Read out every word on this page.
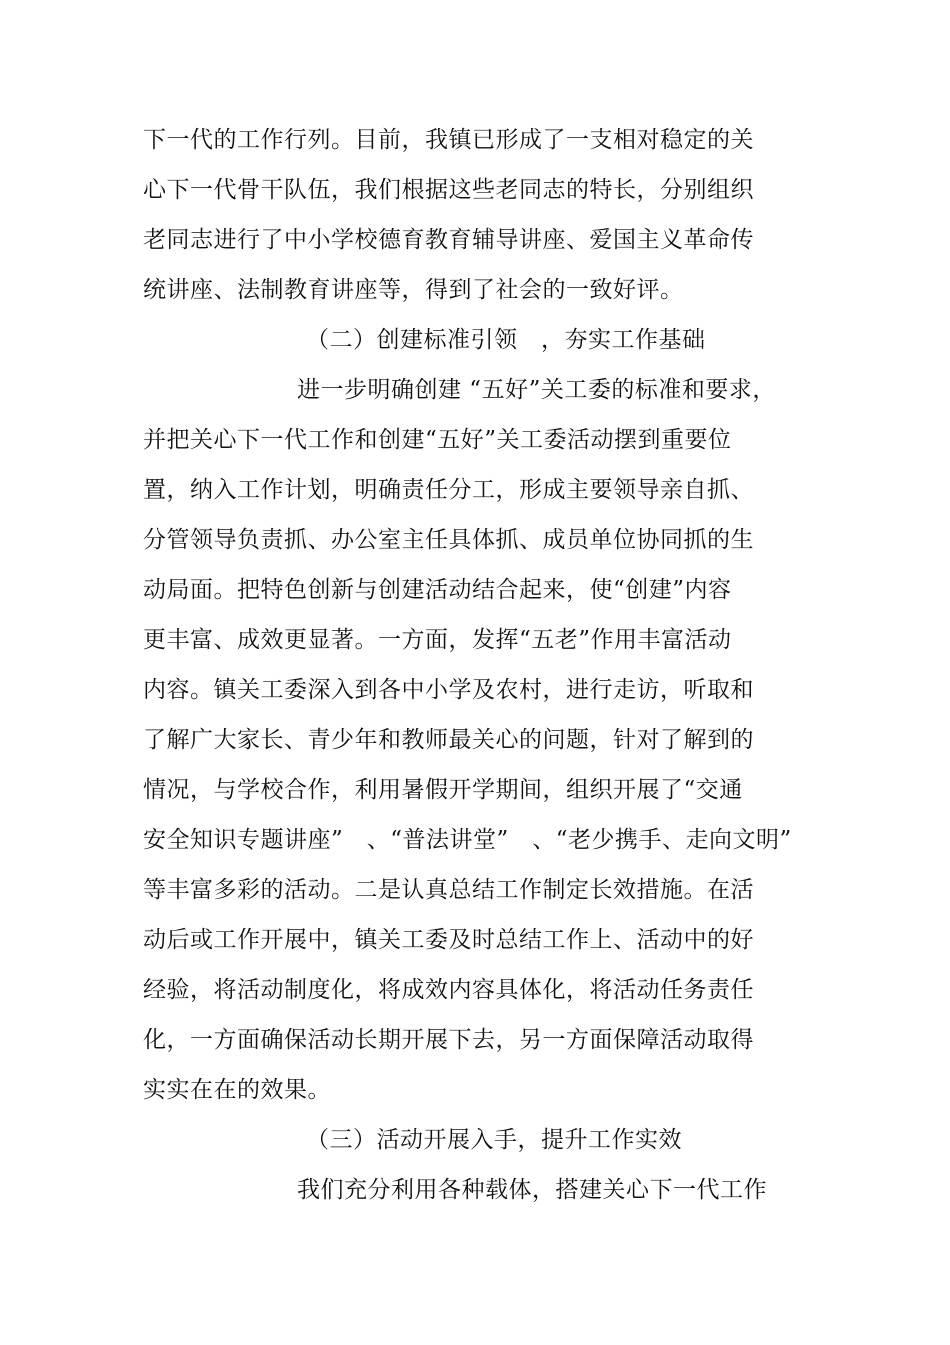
下一代的工作行列。目前，我镇已形成了一支相对稳定的关
心下一代骨干队伍，我们根据这些老同志的特长，分别组织
老同志进行了中小学校德育教育辅导讲座、爱国主义革命传
统讲座、法制教育讲座等，得到了社会的一致好评。
（二）创建标准引领　，夯实工作基础
进一步明确创建 “五好”关工委的标准和要求，
并把关心下一代工作和创建“五好”关工委活动摆到重要位
置，纳入工作计划，明确责任分工，形成主要领导亲自抓、
分管领导负责抓、办公室主任具体抓、成员单位协同抓的生
动局面。把特色创新与创建活动结合起来，使“创建”内容
更丰富、成效更显著。一方面，发挥“五老”作用丰富活动
内容。镇关工委深入到各中小学及农村，进行走访，听取和
了解广大家长、青少年和教师最关心的问题，针对了解到的
情况，与学校合作，利用暑假开学期间，组织开展了“交通
安全知识专题讲座”　、“普法讲堂”　、“老少携手、走向文明”
等丰富多彩的活动。二是认真总结工作制定长效措施。在活
动后或工作开展中，镇关工委及时总结工作上、活动中的好
经验，将活动制度化，将成效内容具体化，将活动任务责任
化，一方面确保活动长期开展下去，另一方面保障活动取得
实实在在的效果。
（三）活动开展入手，提升工作实效
我们充分利用各种载体，搭建关心下一代工作
